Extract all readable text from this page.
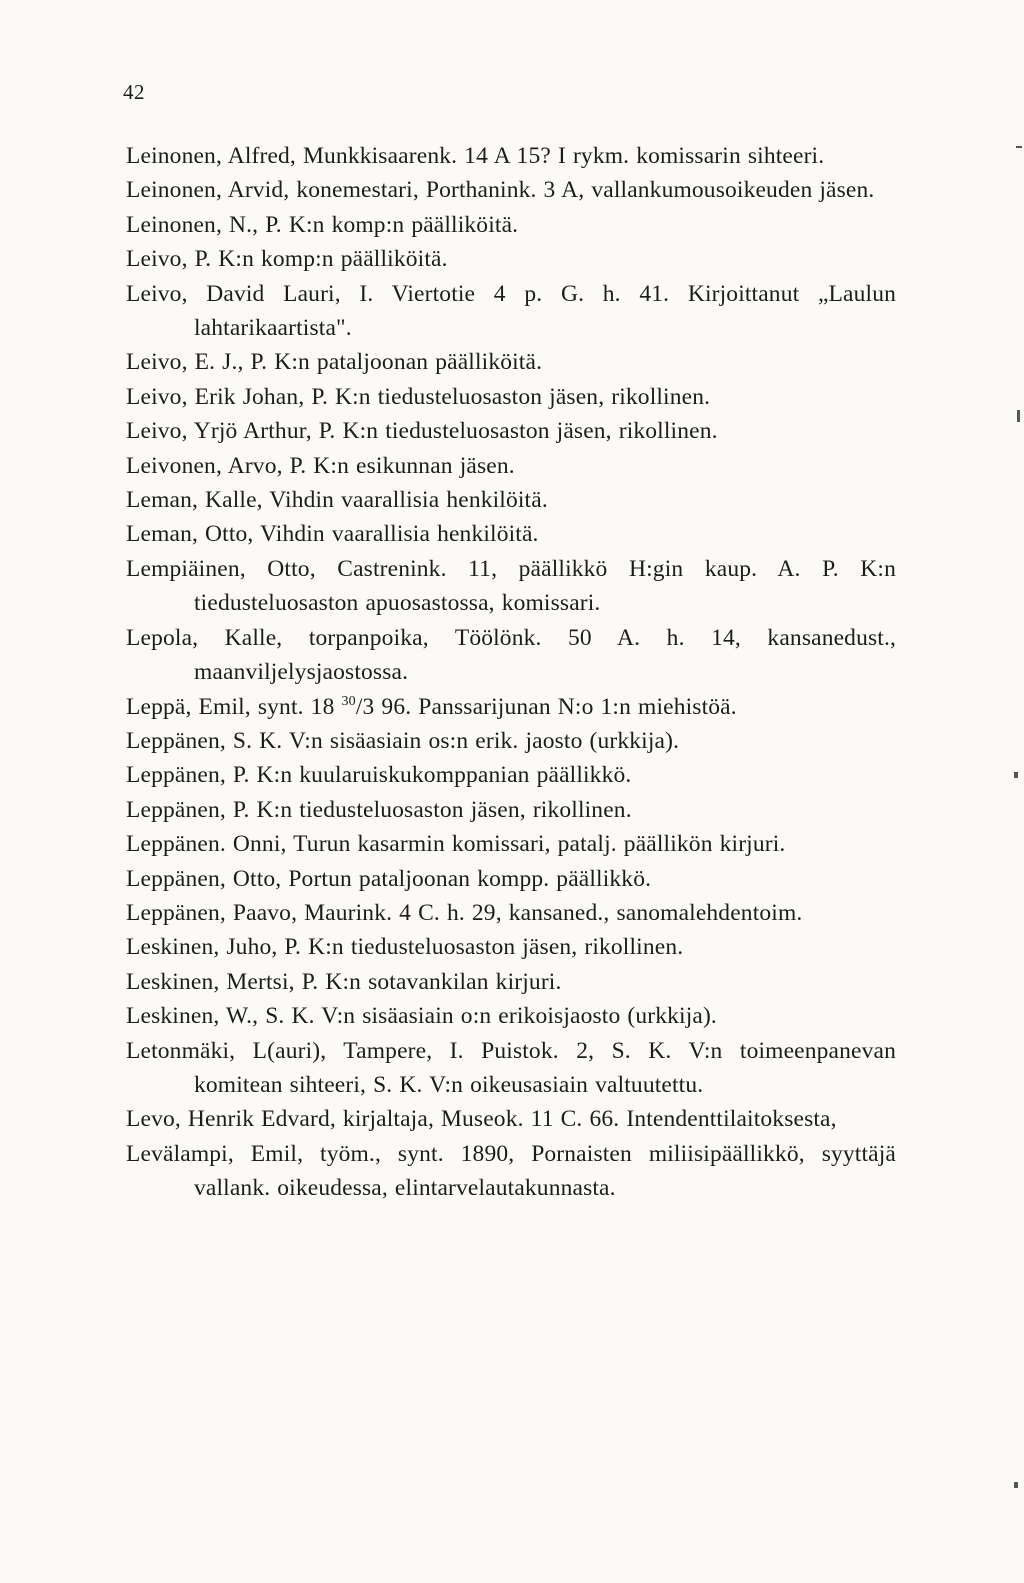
42
Leinonen, Alfred, Munkkisaarenk. 14 A 15? I rykm. komissarin sihteeri.
Leinonen, Arvid, konemestari, Porthanink. 3 A, vallankumousoikeuden jäsen.
Leinonen, N., P. K:n komp:n päälliköitä.
Leivo, P. K:n komp:n päälliköitä.
Leivo, David Lauri, I. Viertotie 4 p. G. h. 41. Kirjoittanut „Laulun lahtarikaartista".
Leivo, E. J., P. K:n pataljoonan päälliköitä.
Leivo, Erik Johan, P. K:n tiedusteluosaston jäsen, rikollinen.
Leivo, Yrjö Arthur, P. K:n tiedusteluosaston jäsen, rikollinen.
Leivonen, Arvo, P. K:n esikunnan jäsen.
Leman, Kalle, Vihdin vaarallisia henkilöitä.
Leman, Otto, Vihdin vaarallisia henkilöitä.
Lempiäinen, Otto, Castrenink. 11, päällikkö H:gin kaup. A. P. K:n tiedusteluosaston apuosastossa, komissari.
Lepola, Kalle, torpanpoika, Töölönk. 50 A. h. 14, kansanedust., maanviljelysjaostossa.
Leppä, Emil, synt. 18 $^{30}$/3 96. Panssarijunan N:o 1:n miehistöä.
Leppänen, S. K. V:n sisäasiain os:n erik. jaosto (urkkija).
Leppänen, P. K:n kuularuiskukomppanian päällikkö.
Leppänen, P. K:n tiedusteluosaston jäsen, rikollinen.
Leppänen. Onni, Turun kasarmin komissari, patalj. päällikön kirjuri.
Leppänen, Otto, Portun pataljoonan kompp. päällikkö.
Leppänen, Paavo, Maurink. 4 C. h. 29, kansaned., sanomalehdentoim.
Leskinen, Juho, P. K:n tiedusteluosaston jäsen, rikollinen.
Leskinen, Mertsi, P. K:n sotavankilan kirjuri.
Leskinen, W., S. K. V:n sisäasiain o:n erikoisjaosto (urkkija).
Letonmäki, L(auri), Tampere, I. Puistok. 2, S. K. V:n toimeenpanevan komitean sihteeri, S. K. V:n oikeusasiain valtuutettu.
Levo, Henrik Edvard, kirjaltaja, Museok. 11 C. 66. Intendenttilaitoksesta,
Levälampi, Emil, työm., synt. 1890, Pornaisten miliisipäällikkö, syyttäjä vallank. oikeudessa, elintarvelautakunnasta.
